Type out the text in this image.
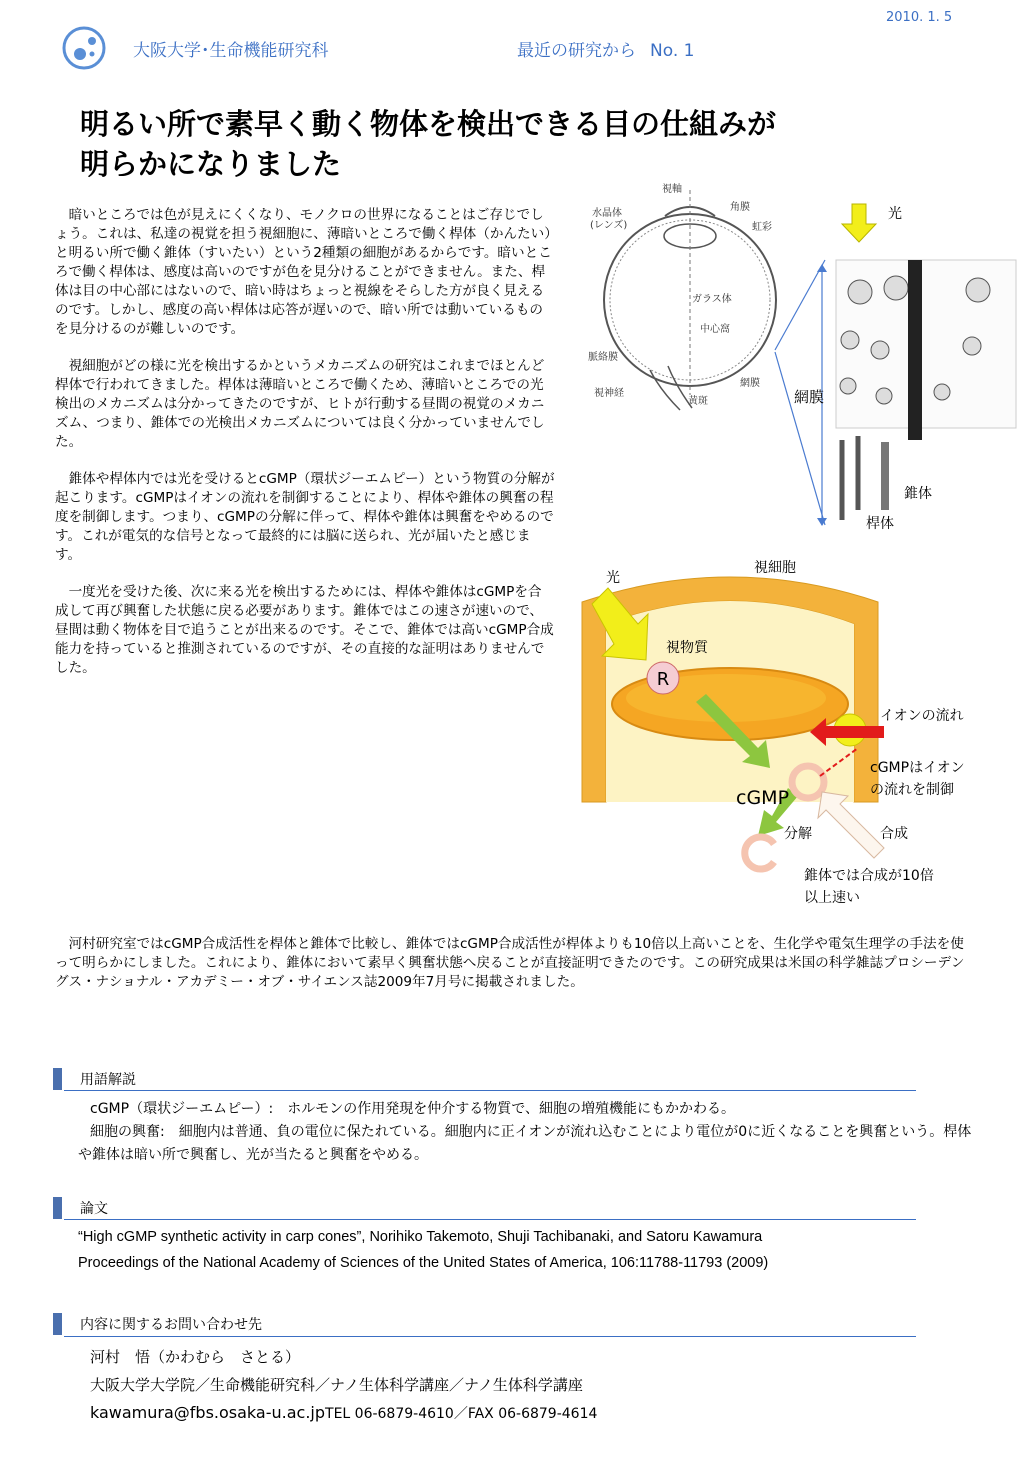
2010. 1. 5
大阪大学･生命機能研究科	最近の研究から No. 1
明るい所で素早く動く物体を検出できる目の仕組みが
明らかになりました

暗いところでは色が見えにくくなり、モノクロの世界になることはご存じでしょう。これは、私達の視覚を担う視細胞に、薄暗いところで働く桿体（かんたい）と明るい所で働く錐体（すいたい）という2種類の細胞があるからです。暗いところで働く桿体は、感度は高いのですが色を見分けることができません。また、桿体は目の中心部にはないので、暗い時はちょっと視線をそらした方が良く見えるのです。しかし、感度の高い桿体は応答が遅いので、暗い所では動いているものを見分けるのが難しいのです。

視細胞がどの様に光を検出するかというメカニズムの研究はこれまでほとんど桿体で行われてきました。桿体は薄暗いところで働くため、薄暗いところでの光検出のメカニズムは分かってきたのですが、ヒトが行動する昼間の視覚のメカニズム、つまり、錐体での光検出メカニズムについては良く分かっていませんでした。

錐体や桿体内では光を受けるとcGMP（環状ジーエムピー）という物質の分解が起こります。cGMPはイオンの流れを制御することにより、桿体や錐体の興奮の程度を制御します。つまり、cGMPの分解に伴って、桿体や錐体は興奮をやめるのです。これが電気的な信号となって最終的には脳に送られ、光が届いたと感じます。

一度光を受けた後、次に来る光を検出するためには、桿体や錐体はcGMPを合成して再び興奮した状態に戻る必要があります。錐体ではこの速さが速いので、昼間は動く物体を目で追うことが出来るのです。そこで、錐体では高いcGMP合成能力を持っていると推測されているのですが、その直接的な証明はありませんでした。

視軸
水晶体
(レンズ)
角膜
虹彩
ガラス体
中心窩
脈絡膜
視神経
黄斑
網膜
網膜
光
錐体
桿体
光
視細胞
視物質
R
cGMP
分解	合成
イオンの流れ
cGMPはイオン
の流れを制御
錐体では合成が10倍
以上速い
河村研究室ではcGMP合成活性を桿体と錐体で比較し、錐体ではcGMP合成活性が桿体よりも10倍以上高いことを、生化学や電気生理学の手法を使って明らかにしました。これにより、錐体において素早く興奮状態へ戻ることが直接証明できたのです。この研究成果は米国の科学雑誌プロシーデングス・ナショナル・アカデミー・オブ・サイエンス誌2009年7月号に掲載されました。
用語解説
cGMP（環状ジーエムピー）:　ホルモンの作用発現を仲介する物質で、細胞の増殖機能にもかかわる。
細胞の興奮:　細胞内は普通、負の電位に保たれている。細胞内に正イオンが流れ込むことにより電位が0に近くなることを興奮という。桿体や錐体は暗い所で興奮し、光が当たると興奮をやめる。
論文
“High cGMP synthetic activity in carp cones”, Norihiko Takemoto, Shuji Tachibanaki, and Satoru Kawamura
Proceedings of the National Academy of Sciences of the United States of America, 106:11788-11793 (2009)
内容に関するお問い合わせ先
河村　悟（かわむら　さとる）
大阪大学大学院／生命機能研究科／ナノ生体科学講座／ナノ生体科学講座
kawamura@fbs.osaka-u.ac.jpTEL 06-6879-4610／FAX 06-6879-4614
